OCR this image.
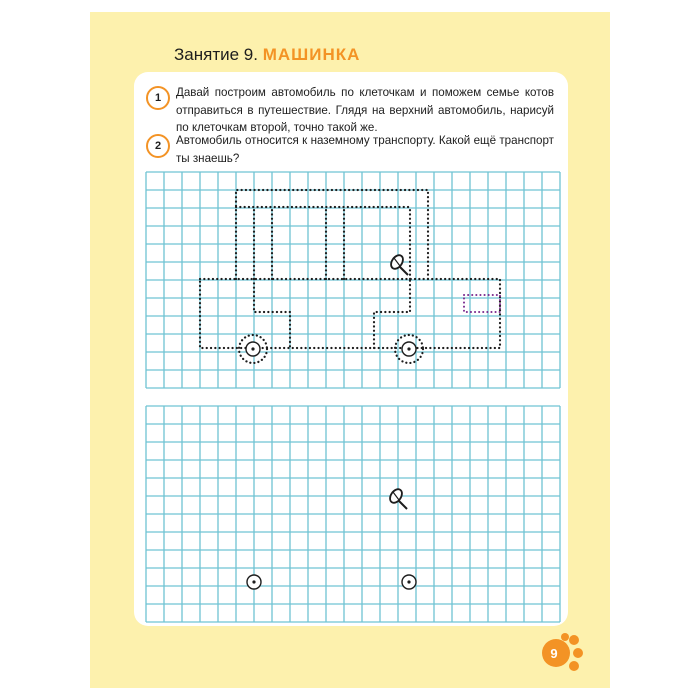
Занятие 9. МАШИНКА
1	Давай построим автомобиль по клеточкам и поможем семье котов отправиться в путешествие. Глядя на верхний автомобиль, нарисуй по клеточкам второй, точно такой же.
2	Автомобиль относится к наземному транспорту. Какой ещё транспорт ты знаешь?
9
